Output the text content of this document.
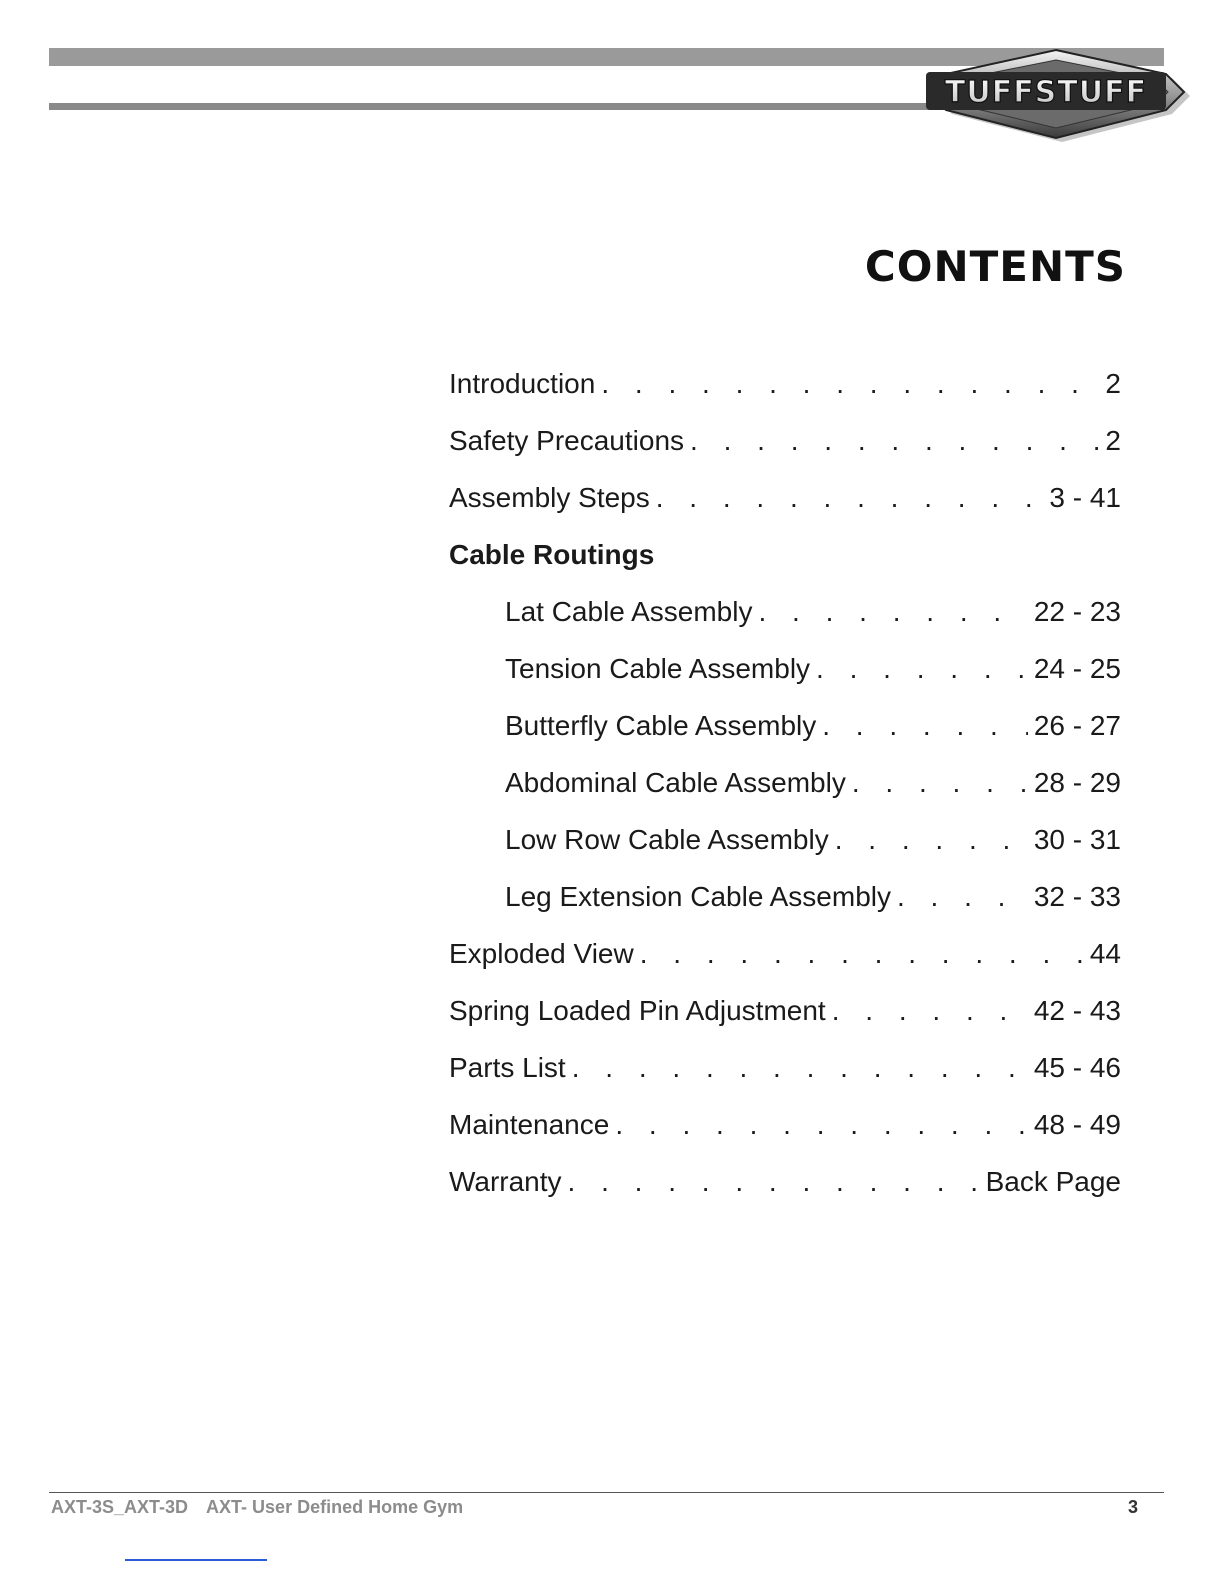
TUFFSTUFF
CONTENTS
Introduction . . .	2
Safety Precautions . . .	2
Assembly Steps . . .	3 - 41
Cable Routings
Lat Cable Assembly . . .	22 - 23
Tension Cable Assembly . . .	24 - 25
Butterfly Cable Assembly . . .	26 - 27
Abdominal Cable Assembly . . .	28 - 29
Low Row Cable Assembly . . .	30 - 31
Leg Extension Cable Assembly . . .	32 - 33
Exploded View . . .	44
Spring Loaded Pin Adjustment . . .	42 - 43
Parts List . . .	45 - 46
Maintenance . . .	48 - 49
Warranty . . .	Back Page
AXT-3S_AXT-3D AXT- User Defined Home Gym	3
